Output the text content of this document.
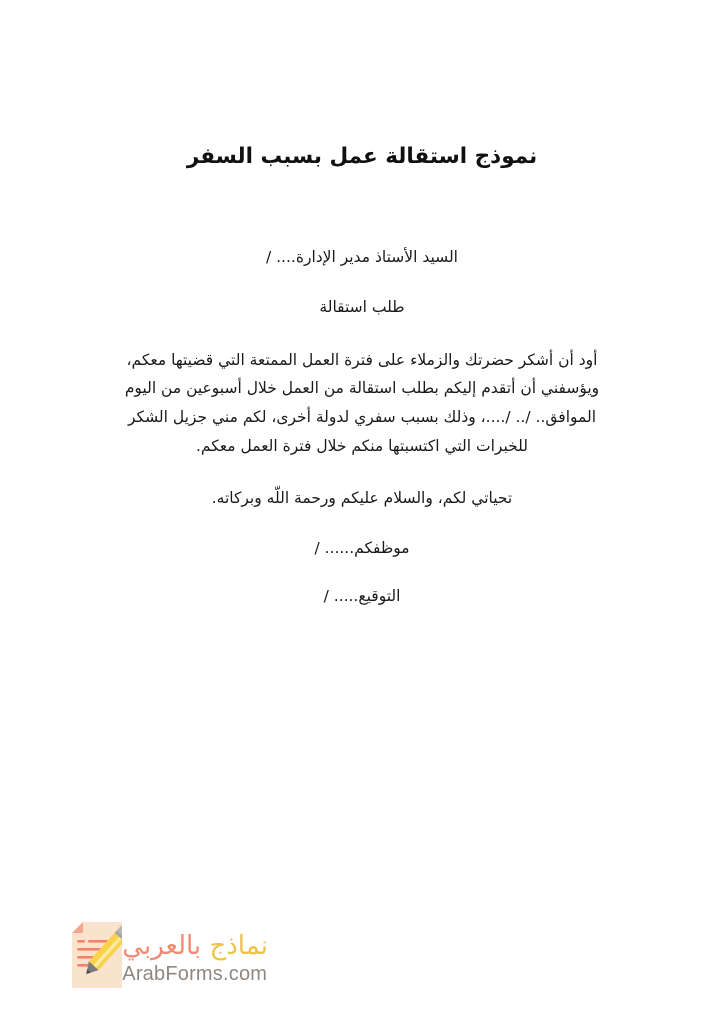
نموذج استقالة عمل بسبب السفر

السيد الأستاذ مدير الإدارة.... /

طلب استقالة

أود أن أشكر حضرتك والزملاء على فترة العمل الممتعة التي قضيتها معكم، ويؤسفني أن أتقدم إليكم بطلب استقالة من العمل خلال أسبوعين من اليوم الموافق.. /.. /....، وذلك بسبب سفري لدولة أخرى، لكم مني جزيل الشكر للخبرات التي اكتسبتها منكم خلال فترة العمل معكم.

تحياتي لكم، والسلام عليكم ورحمة اللّه وبركاته.

موظفكم...... /

التوقيع..... /

نماذج بالعربي
ArabForms.com
